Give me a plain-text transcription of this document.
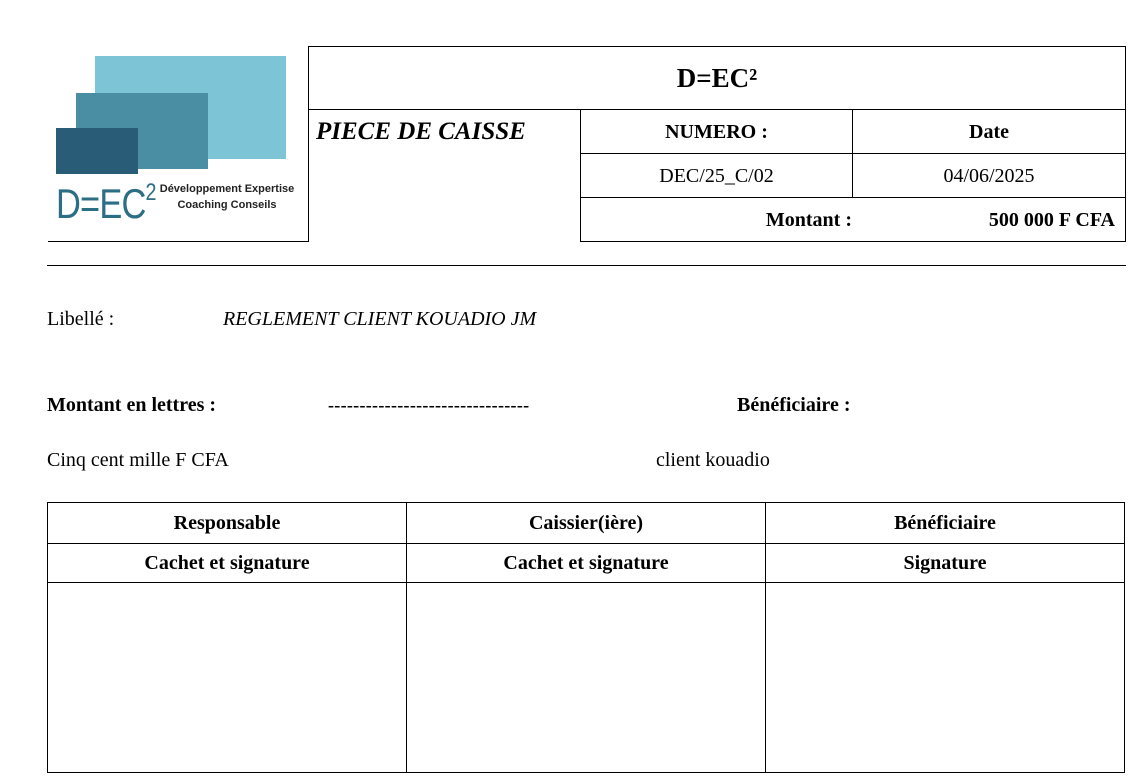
$D=EC^2$ Développement Expertise
Coaching Conseils
D=EC²
PIECE DE CAISSE	NUMERO :	Date
DEC/25_C/02	04/06/2025
Montant :	500 000 F CFA
Libellé :	REGLEMENT CLIENT KOUADIO JM
Montant en lettres :	--------------------------------	Bénéficiaire :
Cinq cent mille F CFA	client kouadio
Responsable	Caissier(ière)	Bénéficiaire
Cachet et signature	Cachet et signature	Signature
